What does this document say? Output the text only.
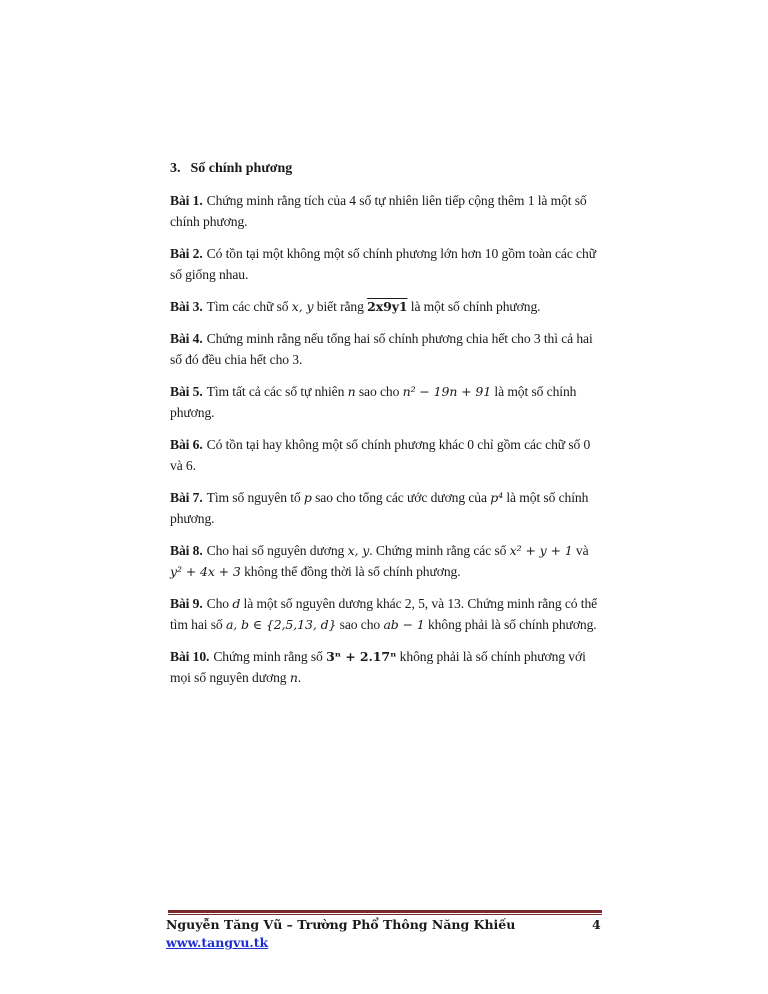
3. Số chính phương

Bài 1. Chứng minh rằng tích của 4 số tự nhiên liên tiếp cộng thêm 1 là một số chính phương.

Bài 2. Có tồn tại một không một số chính phương lớn hơn 10 gồm toàn các chữ số giống nhau.

Bài 3. Tìm các chữ số x, y biết rằng 2x9y1 là một số chính phương.

Bài 4. Chứng minh rằng nếu tổng hai số chính phương chia hết cho 3 thì cả hai số đó đều chia hết cho 3.

Bài 5. Tìm tất cả các số tự nhiên n sao cho n² − 19n + 91 là một số chính phương.

Bài 6. Có tồn tại hay không một số chính phương khác 0 chỉ gồm các chữ số 0 và 6.

Bài 7. Tìm số nguyên tố p sao cho tổng các ước dương của p⁴ là một số chính phương.

Bài 8. Cho hai số nguyên dương x, y. Chứng minh rằng các số x² + y + 1 và y² + 4x + 3 không thể đồng thời là số chính phương.

Bài 9. Cho d là một số nguyên dương khác 2, 5, và 13. Chứng minh rằng có thể tìm hai số a, b ∈ {2,5,13, d} sao cho ab − 1 không phải là số chính phương.

Bài 10. Chứng minh rằng số 3ⁿ + 2.17ⁿ không phải là số chính phương với mọi số nguyên dương n.

Nguyễn Tăng Vũ – Trường Phổ Thông Năng Khiếu	4
www.tangvu.tk
